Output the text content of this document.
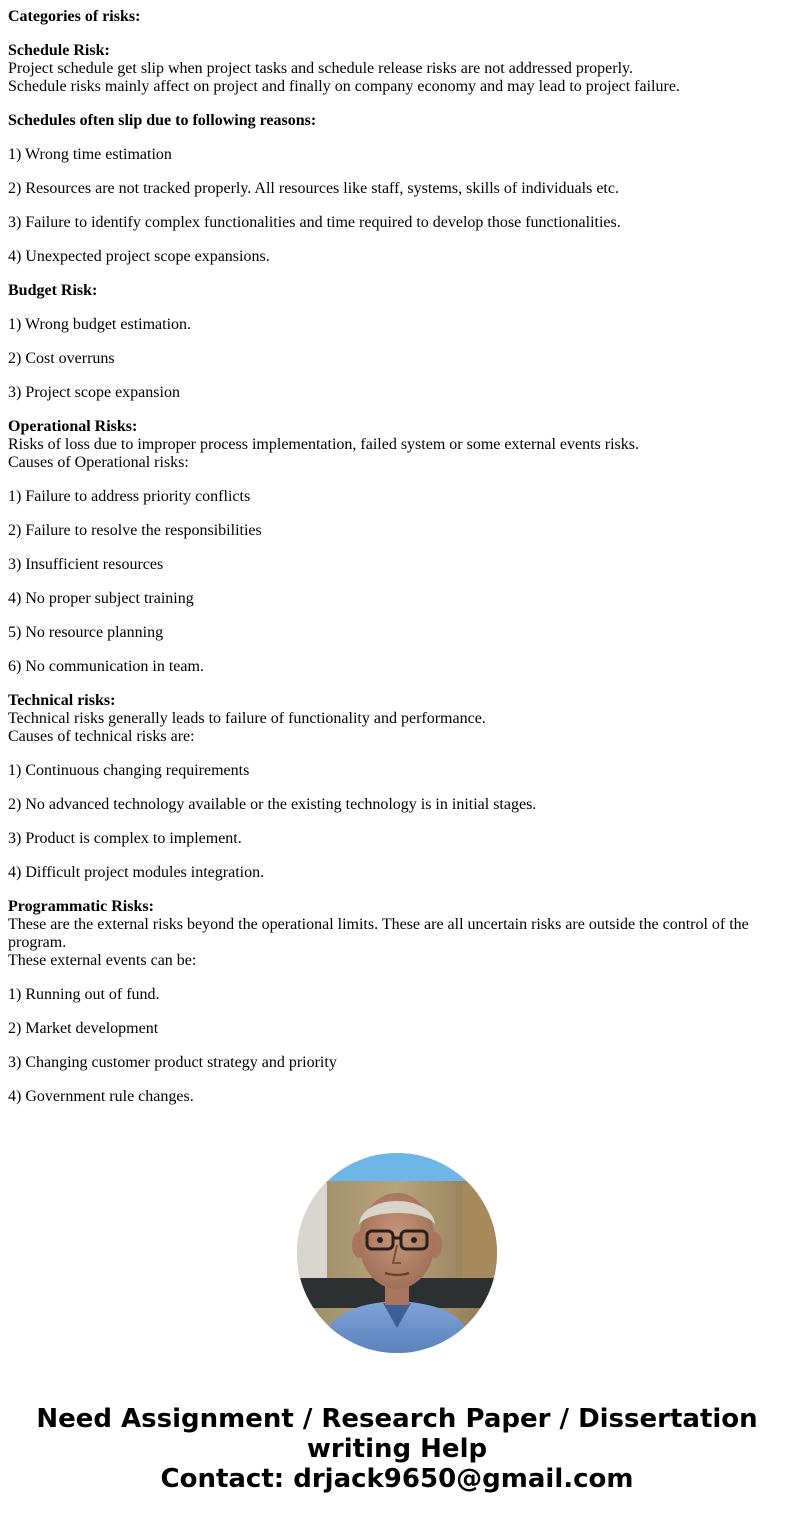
Categories of risks:

Schedule Risk:
Project schedule get slip when project tasks and schedule release risks are not addressed properly.
Schedule risks mainly affect on project and finally on company economy and may lead to project failure.

Schedules often slip due to following reasons:

1) Wrong time estimation

2) Resources are not tracked properly. All resources like staff, systems, skills of individuals etc.

3) Failure to identify complex functionalities and time required to develop those functionalities.

4) Unexpected project scope expansions.

Budget Risk:

1) Wrong budget estimation.

2) Cost overruns

3) Project scope expansion

Operational Risks:
Risks of loss due to improper process implementation, failed system or some external events risks.
Causes of Operational risks:

1) Failure to address priority conflicts

2) Failure to resolve the responsibilities

3) Insufficient resources

4) No proper subject training

5) No resource planning

6) No communication in team.

Technical risks:
Technical risks generally leads to failure of functionality and performance.
Causes of technical risks are:

1) Continuous changing requirements

2) No advanced technology available or the existing technology is in initial stages.

3) Product is complex to implement.

4) Difficult project modules integration.

Programmatic Risks:
These are the external risks beyond the operational limits. These are all uncertain risks are outside the control of the program.
These external events can be:

1) Running out of fund.

2) Market development

3) Changing customer product strategy and priority

4) Government rule changes.

Need Assignment / Research Paper / Dissertation
writing Help
Contact: drjack9650@gmail.com
